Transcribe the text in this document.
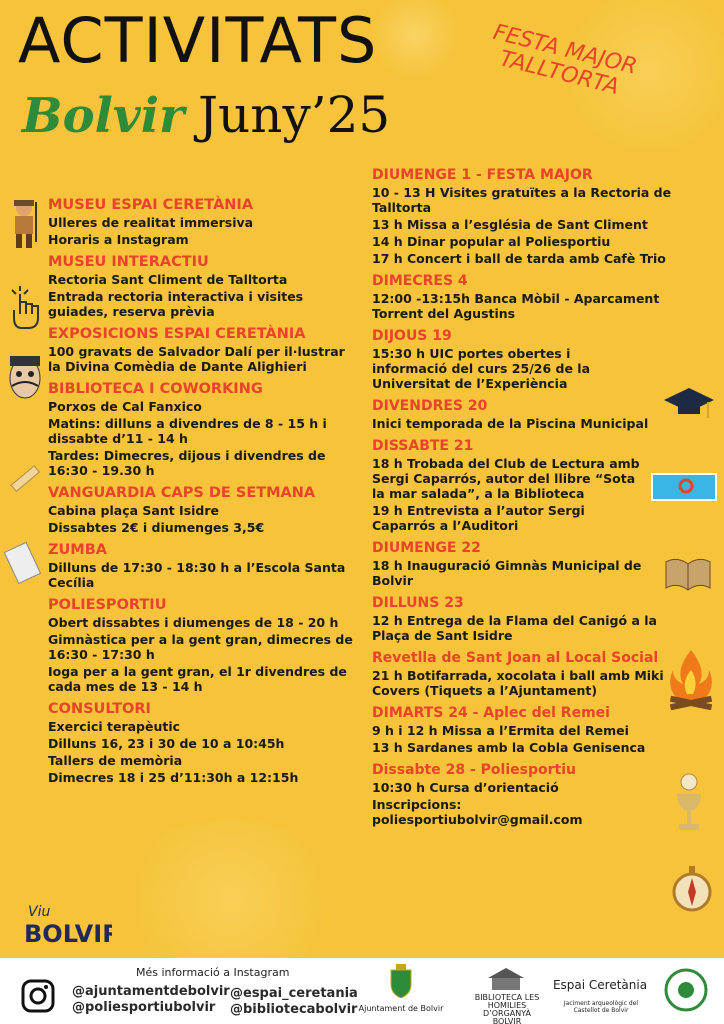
ACTIVITATS
Bolvir Juny’25
FESTA MAJOR TALLTORTA
MUSEU ESPAI CERETÀNIA
Ulleres de realitat immersiva
Horaris a Instagram
MUSEU INTERACTIU
Rectoria Sant Climent de Talltorta
Entrada rectoria interactiva i visites guiades, reserva prèvia
EXPOSICIONS ESPAI CERETÀNIA
100 gravats de Salvador Dalí per il·lustrar la Divina Comèdia de Dante Alighieri
BIBLIOTECA I COWORKING
Porxos de Cal Fanxico
Matins: dilluns a divendres de 8 - 15 h i dissabte d’11 - 14 h
Tardes: Dimecres, dijous i divendres de 16:30 - 19.30 h
VANGUARDIA CAPS DE SETMANA
Cabina plaça Sant Isidre
Dissabtes 2€ i diumenges 3,5€
ZUMBA
Dilluns de 17:30 - 18:30 h a l’Escola Santa Cecília
POLIESPORTIU
Obert dissabtes i diumenges de 18 - 20 h
Gimnàstica per a la gent gran, dimecres de 16:30 - 17:30 h
Ioga per a la gent gran, el 1r divendres de cada mes de 13 - 14 h
CONSULTORI
Exercici terapèutic
Dilluns 16, 23 i 30 de 10 a 10:45h
Tallers de memòria
Dimecres 18 i 25 d’11:30h a 12:15h
DIUMENGE 1 - FESTA MAJOR
10 - 13 H Visites gratuïtes a la Rectoria de Talltorta
13 h Missa a l’església de Sant Climent
14 h Dinar popular al Poliesportiu
17 h Concert i ball de tarda amb Cafè Trio
DIMECRES 4
12:00 -13:15h Banca Mòbil - Aparcament Torrent del Agustins
DIJOUS 19
15:30 h UIC portes obertes i informació del curs 25/26 de la Universitat de l’Experiència
DIVENDRES 20
Inici temporada de la Piscina Municipal
DISSABTE 21
18 h Trobada del Club de Lectura amb Sergi Caparrós, autor del llibre “Sota la mar salada”, a la Biblioteca
19 h Entrevista a l’autor Sergi Caparrós a l’Auditori
DIUMENGE 22
18 h Inauguració Gimnàs Municipal de Bolvir
DILLUNS 23
12 h Entrega de la Flama del Canigó a la Plaça de Sant Isidre
Revetlla de Sant Joan al Local Social
21 h Botifarrada, xocolata i ball amb Miki Covers (Tiquets a l’Ajuntament)
DIMARTS 24 - Aplec del Remei
9 h i 12 h Missa a l’Ermita del Remei
13 h Sardanes amb la Cobla Genisenca
Dissabte 28 - Poliesportiu
10:30 h Cursa d’orientació
Inscripcions: poliesportiubolvir@gmail.com
Viu
BOLVIR
Més informació a Instagram
@ajuntamentdebolvir
@poliesportiubolvir
@espai_ceretania
@bibliotecabolvir Ajuntament de Bolvir
BIBLIOTECA LES HOMILIES D’ORGANYÀ BOLVIR
Espai Ceretània
Jaciment arqueològic del Castellot de Bolvir
